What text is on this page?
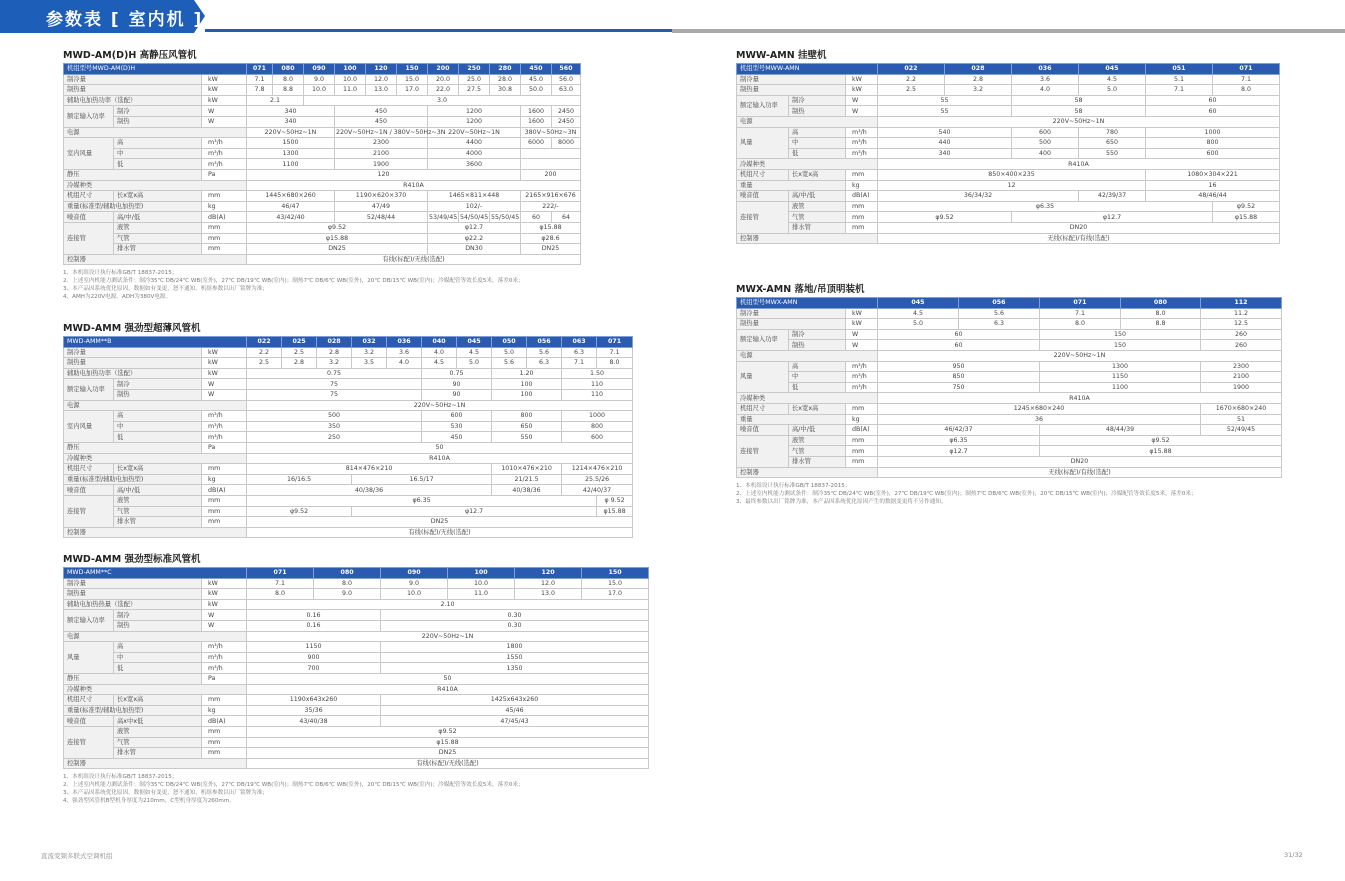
参数表 [ 室内机 ]
MWD-AM(D)H 高静压风管机
机组型号MWD-AM(D)H			071	080	090	100	120	150	200	250	280	450	560
制冷量		kW	7.1	8.0	9.0	10.0	12.0	15.0	20.0	25.0	28.0	45.0	56.0
制热量		kW	7.8	8.8	10.0	11.0	13.0	17.0	22.0	27.5	30.8	50.0	63.0
辅助电加热功率（选配）		kW	2.1		3.0								
额定输入功率	制冷	W	340			450			1200			1600	2450
	制热	W	340			450			1200			1600	2450
电源			220V~50Hz~1N			220V~50Hz~1N / 380V~50Hz~3N			220V~50Hz~1N			380V~50Hz~3N	
室内风量	高	m³/h	1500			2300			4400			6000	8000
	中	m³/h	1300			2100			4000				
	低	m³/h	1100			1900			3600				
静压		Pa	120									200	
冷媒种类			R410A										
机组尺寸	长x宽x高	mm	1445×680×260			1190×620×370			1465×811×448			2165×916×676	
重量(标准型/辅助电加热型)		kg	46/47			47/49			102/-			222/-	
噪音值	高/中/低	dB(A)	43/42/40			52/48/44			53/49/45	54/50/45	55/50/45	60	64
连接管	液管	mm	φ9.52						φ12.7			φ15.88	
	气管	mm	φ15.88						φ22.2			φ28.6	
	排水管	mm	DN25						DN30			DN25	
控制器			有线(标配)/无线(选配)										
1、本机组设计执行标准GB/T 18837-2015；
2、上述室内机能力测试条件：制冷35℃ DB/24℃ WB(室外)，27℃ DB/19℃ WB(室内)；制热7℃ DB/6℃ WB(室外)，20℃ DB/15℃ WB(室内)；冷媒配管等效长度5米，落差0米；
3、本产品因系统优化原因，数据如有变更，恕不通知，机组参数以出厂铭牌为准；
4、AMH为220V电源，ADH为380V电源。
MWD-AMM 强劲型超薄风管机
MWD-AMM**B			022	025	028	032	036	040	045	050	056	063	071
制冷量		kW	2.2	2.5	2.8	3.2	3.6	4.0	4.5	5.0	5.6	6.3	7.1
制热量		kW	2.5	2.8	3.2	3.5	4.0	4.5	5.0	5.6	6.3	7.1	8.0
辅助电加热功率（选配）		kW	0.75					0.75		1.20		1.50	
额定输入功率	制冷	W	75					90		100		110	
	制热	W	75					90		100		110	
电源			220V~50Hz~1N										
室内风量	高	m³/h	500					600		800		1000	
	中	m³/h	350					530		650		800	
	低	m³/h	250					450		550		600	
静压		Pa	50										
冷媒种类			R410A										
机组尺寸	长x宽x高	mm	814×476×210							1010×476×210		1214×476×210	
重量(标准型/辅助电加热型)		kg	16/16.5			16.5/17				21/21.5		25.5/26	
噪音值	高/中/低	dB(A)	40/38/36							40/38/36		42/40/37	
连接管	液管	mm	φ6.35										φ 9.52
	气管	mm	φ9.52			φ12.7							φ15.88
	排水管	mm	DN25										
控制器			有线(标配)/无线(选配)										
MWD-AMM 强劲型标准风管机
MWD-AMM**C			071	080	090	100	120	150
制冷量		kW	7.1	8.0	9.0	10.0	12.0	15.0
制热量		kW	8.0	9.0	10.0	11.0	13.0	17.0
辅助电加热热量（选配）		kW	2.10					
额定输入功率	制冷	W	0.16		0.30			
	制热	W	0.16		0.30			
电源			220V~50Hz~1N					
风量	高	m³/h	1150		1800			
	中	m³/h	900		1550			
	低	m³/h	700		1350			
静压		Pa	50					
冷媒种类			R410A					
机组尺寸	长x宽x高	mm	1190x643x260		1425x643x260			
重量(标准型/辅助电加热型)		kg	35/36		45/46			
噪音值	高x中x低	dB(A)	43/40/38		47/45/43			
连接管	液管	mm	φ9.52					
	气管	mm	φ15.88					
	排水管	mm	DN25					
控制器			有线(标配)/无线(选配)					
1、本机组设计执行标准GB/T 18837-2015；
2、上述室内机能力测试条件：制冷35℃ DB/24℃ WB(室外)，27℃ DB/19℃ WB(室内)；制热7℃ DB/6℃ WB(室外)，20℃ DB/15℃ WB(室内)；冷媒配管等效长度5米，落差0米；
3、本产品因系统优化原因，数据如有变更，恕不通知，机组参数以出厂铭牌为准；
4、强劲型风管机B型机身厚度为210mm，C型机身厚度为260mm。
MWW-AMN 挂壁机
机组型号MWW-AMN			022	028	036	045	051	071
制冷量		kW	2.2	2.8	3.6	4.5	5.1	7.1
制热量		kW	2.5	3.2	4.0	5.0	7.1	8.0
额定输入功率	制冷	W	55		58		60	
	制热	W	55		58		60	
电源			220V~50Hz~1N					
风量	高	m³/h	540		600	780	1000	
	中	m³/h	440		500	650	800	
	低	m³/h	340		400	550	600	
冷媒种类			R410A					
机组尺寸	长x宽x高	mm	850×400×235				1080×304×221	
重量		kg	12				16	
噪音值	高/中/低	dB(A)	36/34/32			42/39/37	48/46/44	
连接管	液管	mm	φ6.35					φ9.52
	气管	mm	φ9.52		φ12.7			φ15.88
	排水管	mm	DN20					
控制器			无线(标配)/有线(选配)					
MWX-AMN 落地/吊顶明装机
机组型号MWX-AMN			045	056	071	080	112
制冷量		kW	4.5	5.6	7.1	8.0	11.2
制热量		kW	5.0	6.3	8.0	8.8	12.5
额定输入功率	制冷	W	60		150		260
	制热	W	60		150		260
电源			220V~50Hz~1N				
风量	高	m³/h	950		1300		2300
	中	m³/h	850		1150		2100
	低	m³/h	750		1100		1900
冷媒种类			R410A				
机组尺寸	长x宽x高	mm	1245×680×240				1670×680×240
重量		kg	36				51
噪音值	高/中/低	dB(A)	46/42/37		48/44/39		52/49/45
连接管	液管	mm	φ6.35		φ9.52		
	气管	mm	φ12.7		φ15.88		
	排水管	mm	DN20				
控制器			无线(标配)/有线(选配)				
1、本机组设计执行标准GB/T 18837-2015；
2、上述室内机能力测试条件：制冷35℃ DB/24℃ WB(室外)，27℃ DB/19℃ WB(室内)；制热7℃ DB/6℃ WB(室外)，20℃ DB/15℃ WB(室内)；冷媒配管等效长度5米，落差0米；
3、最终参数以出厂铭牌为准，本产品因系统优化原因产生的数据变更将不另作通知。
直流变频多联式空调机组	31/32
